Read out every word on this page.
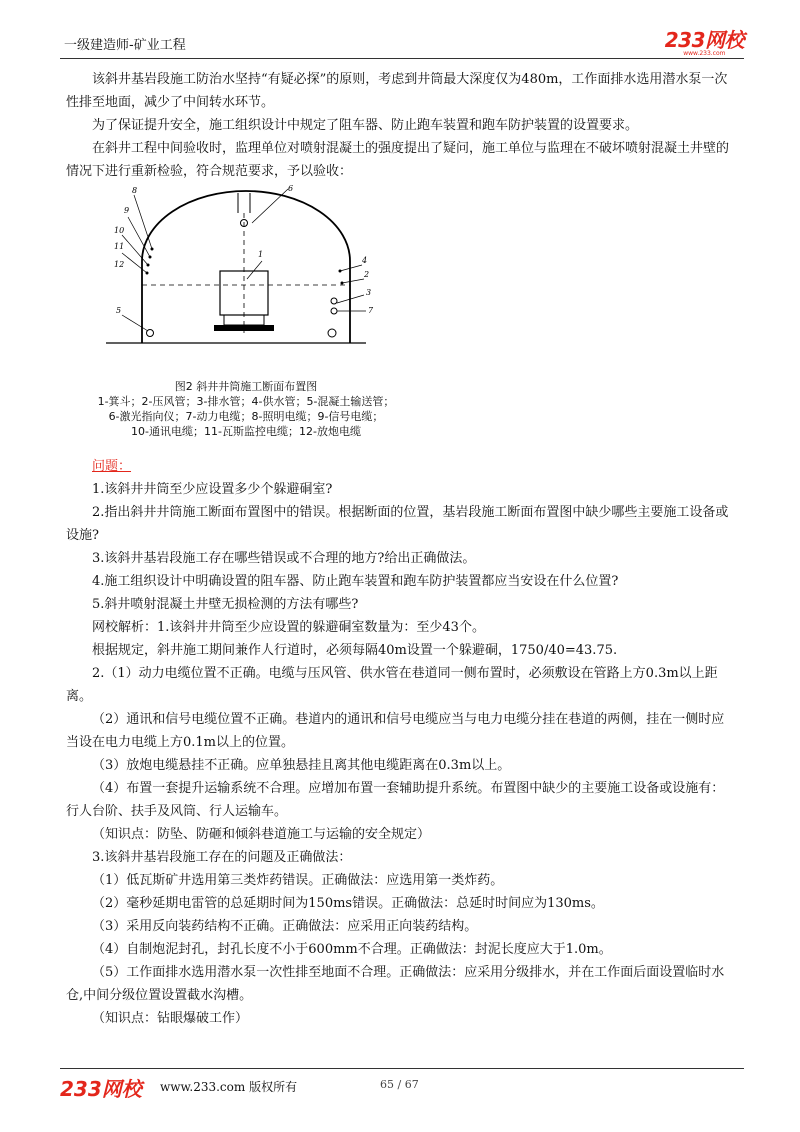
一级建造师-矿业工程	233网校
www.233.com

该斜井基岩段施工防治水坚持“有疑必探”的原则，考虑到井筒最大深度仅为480m，工作面排水选用潜水泵一次性排至地面，减少了中间转水环节。

为了保证提升安全，施工组织设计中规定了阻车器、防止跑车装置和跑车防护装置的设置要求。

在斜井工程中间验收时，监理单位对喷射混凝土的强度提出了疑问，施工单位与监理在不破坏喷射混凝土井壁的情况下进行重新检验，符合规范要求，予以验收：

1
2
3
4
5
6
7
8
9
10
11
12
图2 斜井井筒施工断面布置图
1-箕斗；2-压风管；3-排水管；4-供水管；5-混凝土输送管；
6-激光指向仪；7-动力电缆；8-照明电缆；9-信号电缆；
10-通讯电缆；11-瓦斯监控电缆；12-放炮电缆

问题：

1.该斜井井筒至少应设置多少个躲避硐室?

2.指出斜井井筒施工断面布置图中的错误。根据断面的位置，基岩段施工断面布置图中缺少哪些主要施工设备或设施?

3.该斜井基岩段施工存在哪些错误或不合理的地方?给出正确做法。

4.施工组织设计中明确设置的阻车器、防止跑车装置和跑车防护装置都应当安设在什么位置?

5.斜井喷射混凝土井壁无损检测的方法有哪些?

网校解析：1.该斜井井筒至少应设置的躲避硐室数量为：至少43个。

根据规定，斜井施工期间兼作人行道时，必须每隔40m设置一个躲避硐，1750/40=43.75.

2.（1）动力电缆位置不正确。电缆与压风管、供水管在巷道同一侧布置时，必须敷设在管路上方0.3m以上距离。

（2）通讯和信号电缆位置不正确。巷道内的通讯和信号电缆应当与电力电缆分挂在巷道的两侧，挂在一侧时应当设在电力电缆上方0.1m以上的位置。

（3）放炮电缆悬挂不正确。应单独悬挂且离其他电缆距离在0.3m以上。

（4）布置一套提升运输系统不合理。应增加布置一套辅助提升系统。布置图中缺少的主要施工设备或设施有：行人台阶、扶手及风筒、行人运输车。

（知识点：防坠、防砸和倾斜巷道施工与运输的安全规定）

3.该斜井基岩段施工存在的问题及正确做法：

（1）低瓦斯矿井选用第三类炸药错误。正确做法：应选用第一类炸药。

（2）毫秒延期电雷管的总延期时间为150ms错误。正确做法：总延时时间应为130ms。

（3）采用反向装药结构不正确。正确做法：应采用正向装药结构。

（4）自制炮泥封孔，封孔长度不小于600mm不合理。正确做法：封泥长度应大于1.0m。

（5）工作面排水选用潜水泵一次性排至地面不合理。正确做法：应采用分级排水，并在工作面后面设置临时水仓,中间分级位置设置截水沟槽。

（知识点：钻眼爆破工作）

233网校 www.233.com 版权所有	65 / 67
